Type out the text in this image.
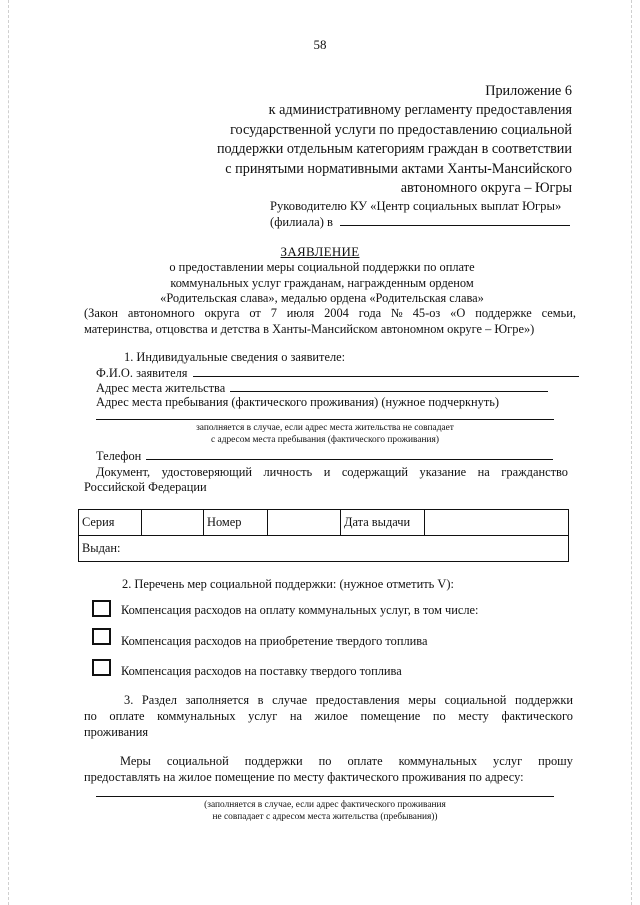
58
Приложение 6
к административному регламенту предоставления
государственной услуги по предоставлению социальной
поддержки отдельным категориям граждан в соответствии
с принятыми нормативными актами Ханты-Мансийского
автономного округа – Югры
Руководителю КУ «Центр социальных выплат Югры»
(филиала) в
ЗАЯВЛЕНИЕ
о предоставлении меры социальной поддержки по оплате
коммунальных услуг гражданам, награжденным орденом
«Родительская слава», медалью ордена «Родительская слава»
(Закон автономного округа от 7 июля 2004 года № 45-оз «О поддержке семьи,
материнства, отцовства и детства в Ханты-Мансийском автономном округе – Югре»)
1. Индивидуальные сведения о заявителе:
Ф.И.О. заявителя
Адрес места жительства
Адрес места пребывания (фактического проживания) (нужное подчеркнуть)
заполняется в случае, если адрес места жительства не совпадает
с адресом места пребывания (фактического проживания)
Телефон
Документ, удостоверяющий личность и содержащий указание на гражданство
Российской Федерации
Серия		Номер		Дата выдачи	
Выдан:
2. Перечень мер социальной поддержки: (нужное отметить V):
Компенсация расходов на оплату коммунальных услуг, в том числе:
Компенсация расходов на приобретение твердого топлива
Компенсация расходов на поставку твердого топлива
3. Раздел заполняется в случае предоставления меры социальной поддержки
по оплате коммунальных услуг на жилое помещение по месту фактического
проживания
Меры социальной поддержки по оплате коммунальных услуг прошу
предоставлять на жилое помещение по месту фактического проживания по адресу:
(заполняется в случае, если адрес фактического проживания
не совпадает с адресом места жительства (пребывания))
